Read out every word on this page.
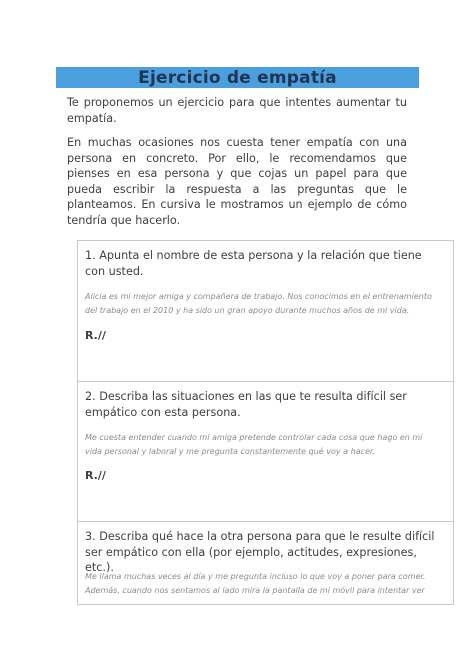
Ejercicio de empatía

Te proponemos un ejercicio para que intentes aumentar tu empatía.

En muchas ocasiones nos cuesta tener empatía con una persona en concreto. Por ello, le recomendamos que pienses en esa persona y que cojas un papel para que pueda escribir la respuesta a las preguntas que le planteamos. En cursiva le mostramos un ejemplo de cómo tendría que hacerlo.

1. Apunta el nombre de esta persona y la relación que tiene con usted.

Alicia es mi mejor amiga y compañera de trabajo. Nos conocimos en el entrenamiento del trabajo en el 2010 y ha sido un gran apoyo durante muchos años de mi vida.

R.//

2. Describa las situaciones en las que te resulta difícil ser empático con esta persona.

Me cuesta entender cuando mi amiga pretende controlar cada cosa que hago en mi vida personal y laboral y me pregunta constantemente qué voy a hacer.

R.//

3. Describa qué hace la otra persona para que le resulte difícil ser empático con ella (por ejemplo, actitudes, expresiones, etc.).

Me llama muchas veces al día y me pregunta incluso lo que voy a poner para comer. Además, cuando nos sentamos al lado mira la pantalla de mi móvil para intentar ver
